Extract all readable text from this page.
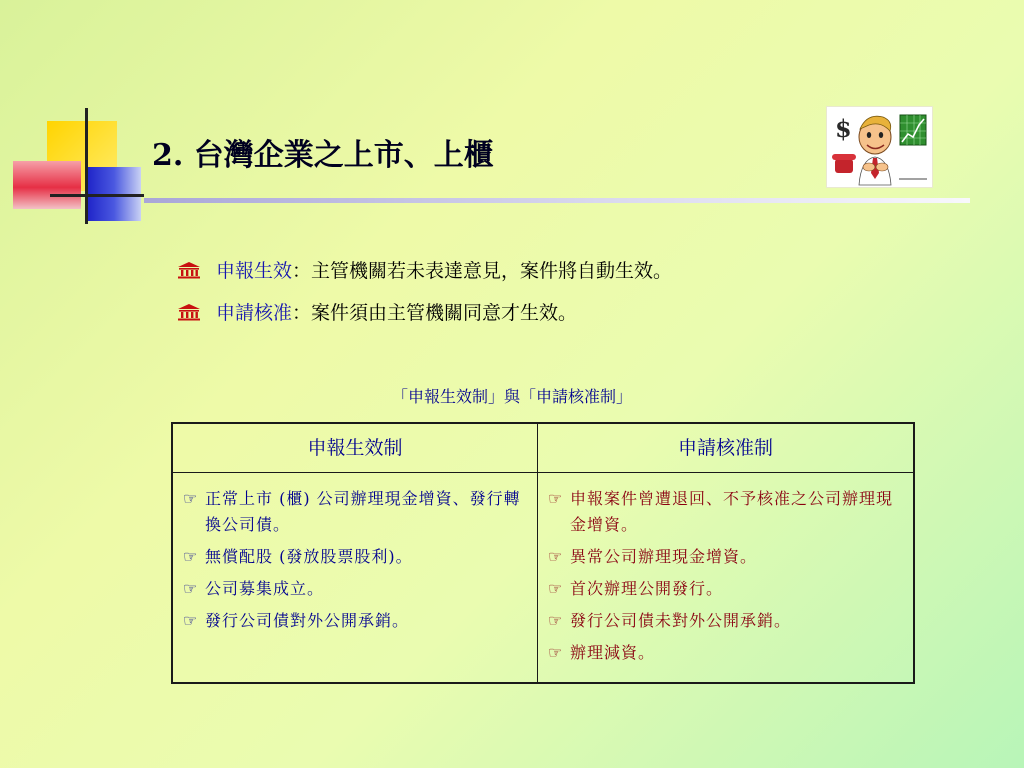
2. 台灣企業之上市、上櫃
$
申報生效 ：主管機關若未表達意見，案件將自動生效。
申請核准 ：案件須由主管機關同意才生效。
「申報生效制」與「申請核准制」
申報生效制
☞ 正常上市 (櫃) 公司辦理現金增資、發行轉換公司債。
☞ 無償配股 (發放股票股利)。
☞ 公司募集成立。
☞ 發行公司債對外公開承銷。
申請核准制
☞ 申報案件曾遭退回、不予核准之公司辦理現金增資。
☞ 異常公司辦理現金增資。
☞ 首次辦理公開發行。
☞ 發行公司債未對外公開承銷。
☞ 辦理減資。
